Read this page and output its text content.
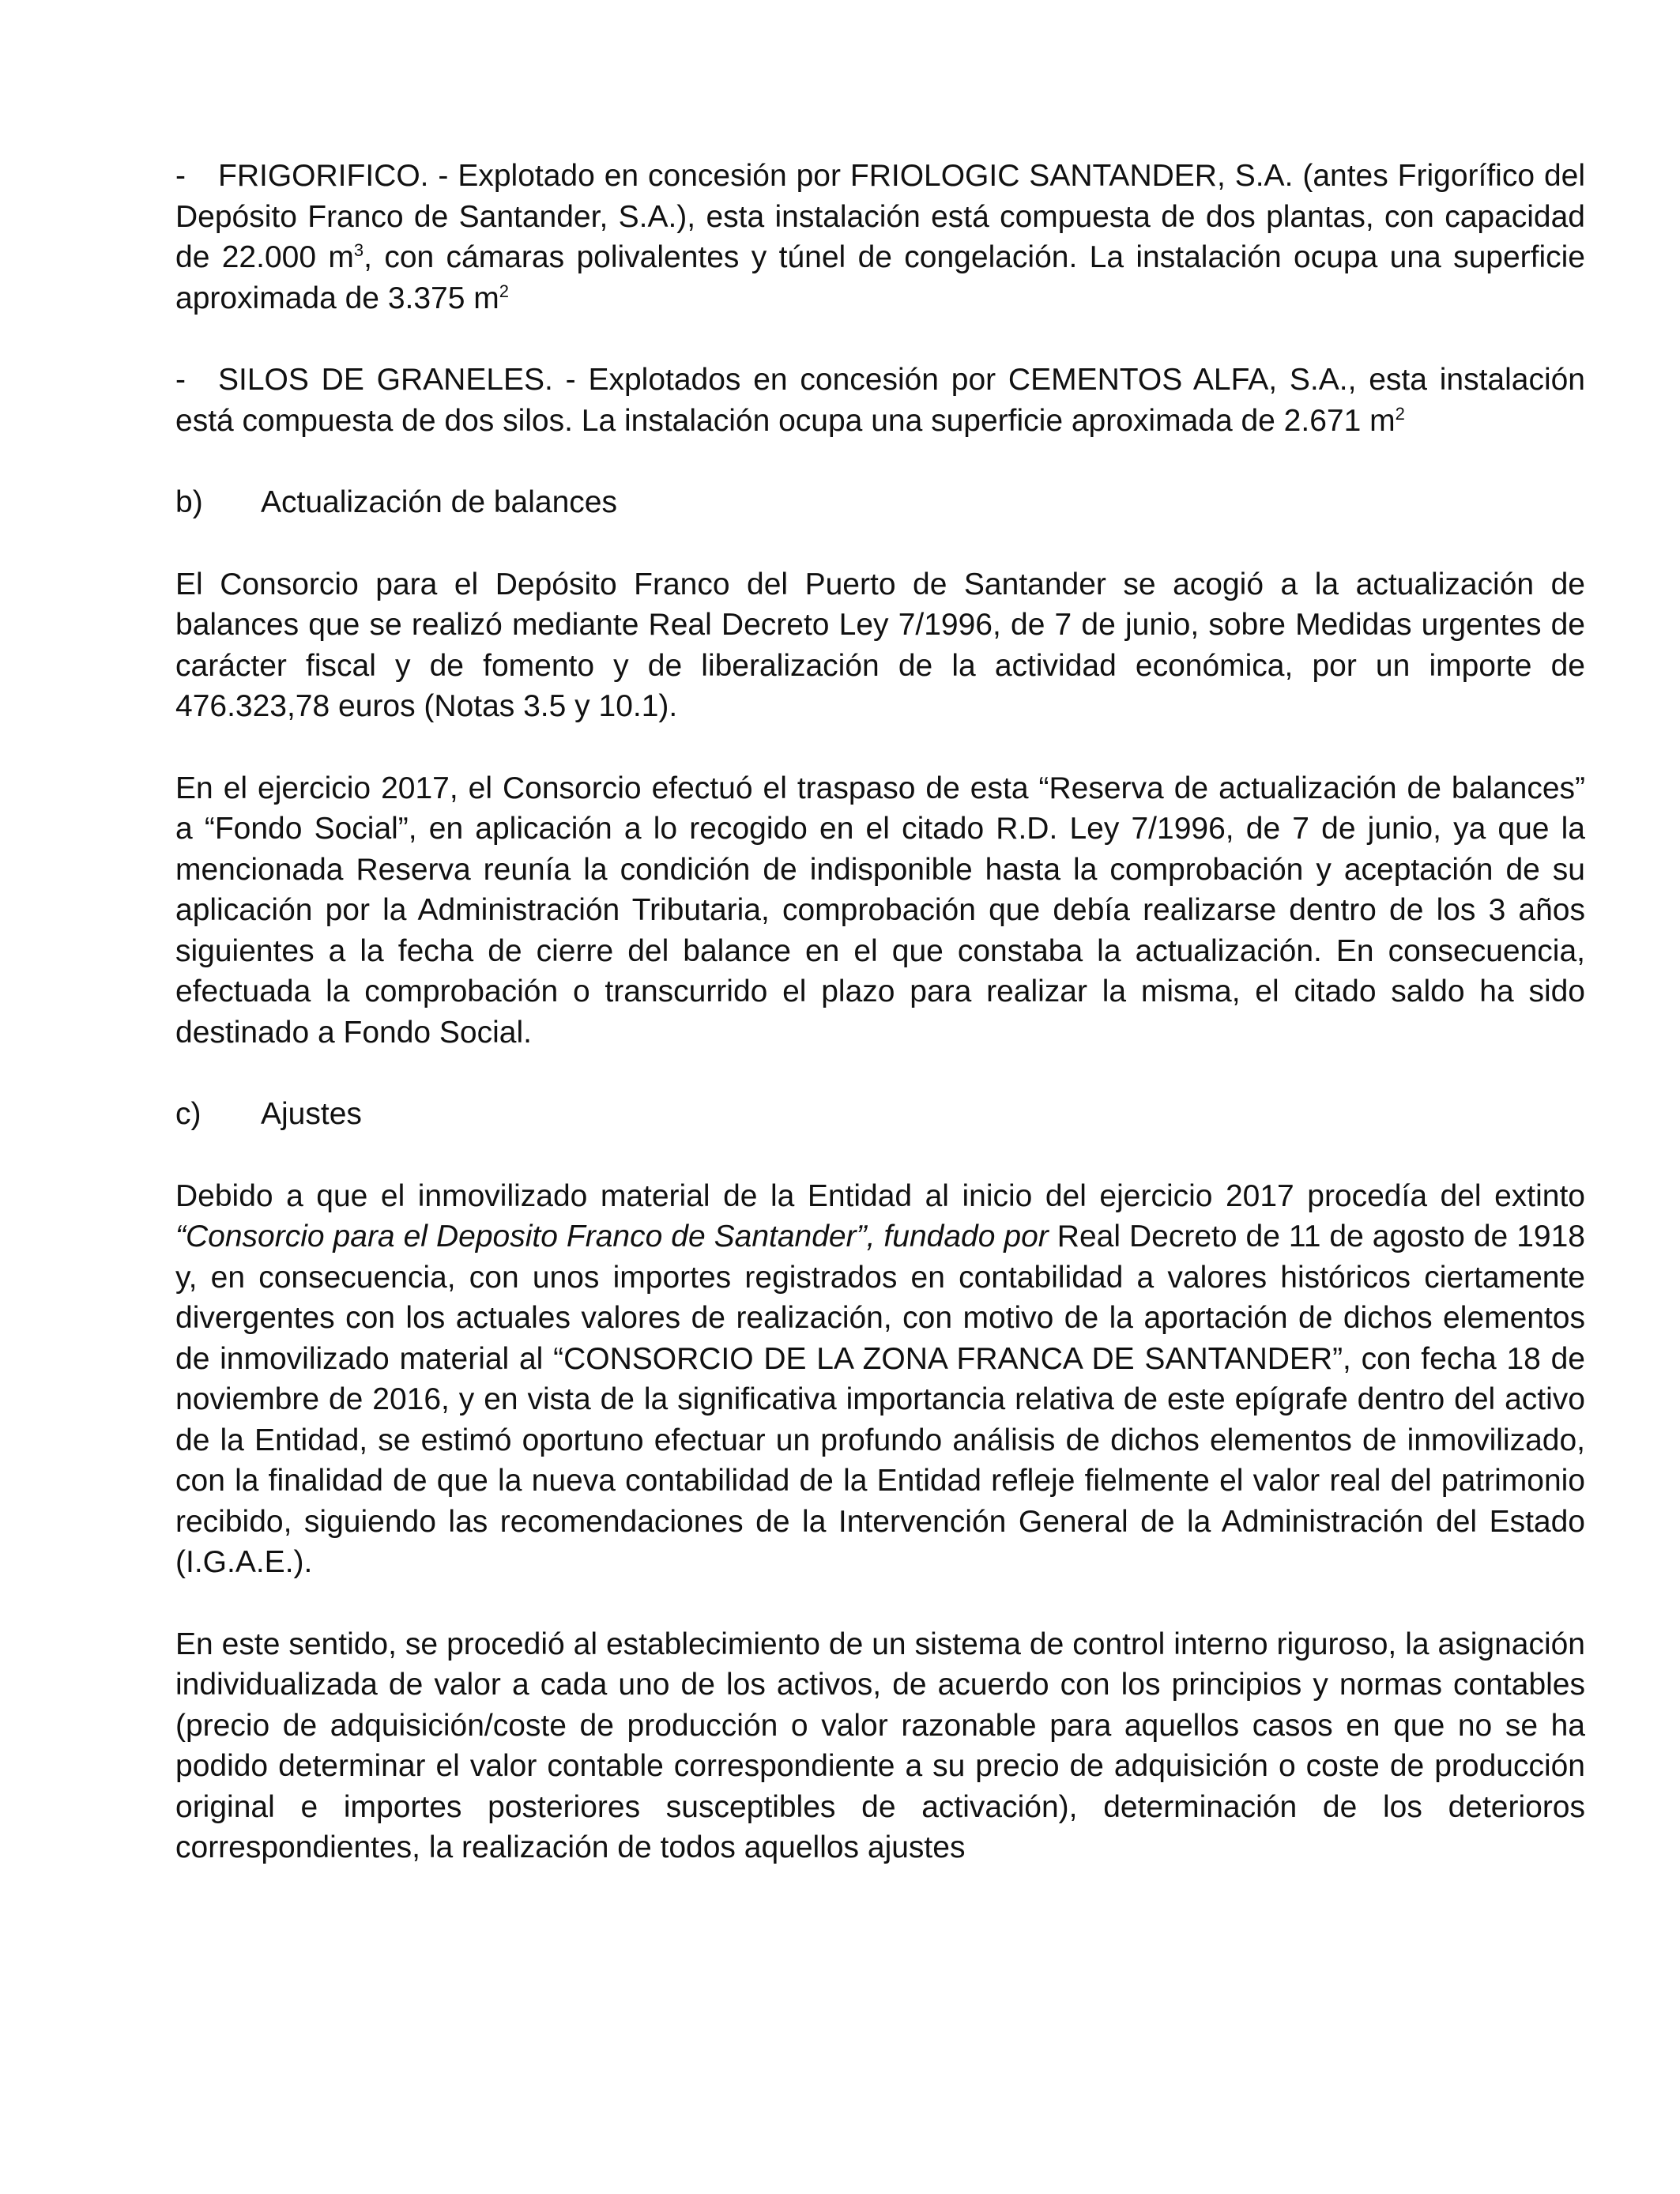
- FRIGORIFICO. - Explotado en concesión por FRIOLOGIC SANTANDER, S.A. (antes Frigorífico del Depósito Franco de Santander, S.A.), esta instalación está compuesta de dos plantas, con capacidad de 22.000 $m^3$, con cámaras polivalentes y túnel de congelación. La instalación ocupa una superficie aproximada de 3.375 $m^2$

- SILOS DE GRANELES. - Explotados en concesión por CEMENTOS ALFA, S.A., esta instalación está compuesta de dos silos. La instalación ocupa una superficie aproximada de 2.671 $m^2$

b)	Actualización de balances

El Consorcio para el Depósito Franco del Puerto de Santander se acogió a la actualización de balances que se realizó mediante Real Decreto Ley 7/1996, de 7 de junio, sobre Medidas urgentes de carácter fiscal y de fomento y de liberalización de la actividad económica, por un importe de 476.323,78 euros (Notas 3.5 y 10.1).

En el ejercicio 2017, el Consorcio efectuó el traspaso de esta “Reserva de actualización de balances” a “Fondo Social”, en aplicación a lo recogido en el citado R.D. Ley 7/1996, de 7 de junio, ya que la mencionada Reserva reunía la condición de indisponible hasta la comprobación y aceptación de su aplicación por la Administración Tributaria, comprobación que debía realizarse dentro de los 3 años siguientes a la fecha de cierre del balance en el que constaba la actualización. En consecuencia, efectuada la comprobación o transcurrido el plazo para realizar la misma, el citado saldo ha sido destinado a Fondo Social.

c)	Ajustes

Debido a que el inmovilizado material de la Entidad al inicio del ejercicio 2017 procedía del extinto “Consorcio para el Deposito Franco de Santander”, fundado por Real Decreto de 11 de agosto de 1918 y, en consecuencia, con unos importes registrados en contabilidad a valores históricos ciertamente divergentes con los actuales valores de realización, con motivo de la aportación de dichos elementos de inmovilizado material al “CONSORCIO DE LA ZONA FRANCA DE SANTANDER”, con fecha 18 de noviembre de 2016, y en vista de la significativa importancia relativa de este epígrafe dentro del activo de la Entidad, se estimó oportuno efectuar un profundo análisis de dichos elementos de inmovilizado, con la finalidad de que la nueva contabilidad de la Entidad refleje fielmente el valor real del patrimonio recibido, siguiendo las recomendaciones de la Intervención General de la Administración del Estado (I.G.A.E.).

En este sentido, se procedió al establecimiento de un sistema de control interno riguroso, la asignación individualizada de valor a cada uno de los activos, de acuerdo con los principios y normas contables (precio de adquisición/coste de producción o valor razonable para aquellos casos en que no se ha podido determinar el valor contable correspondiente a su precio de adquisición o coste de producción original e importes posteriores susceptibles de activación), determinación de los deterioros correspondientes, la realización de todos aquellos ajustes
